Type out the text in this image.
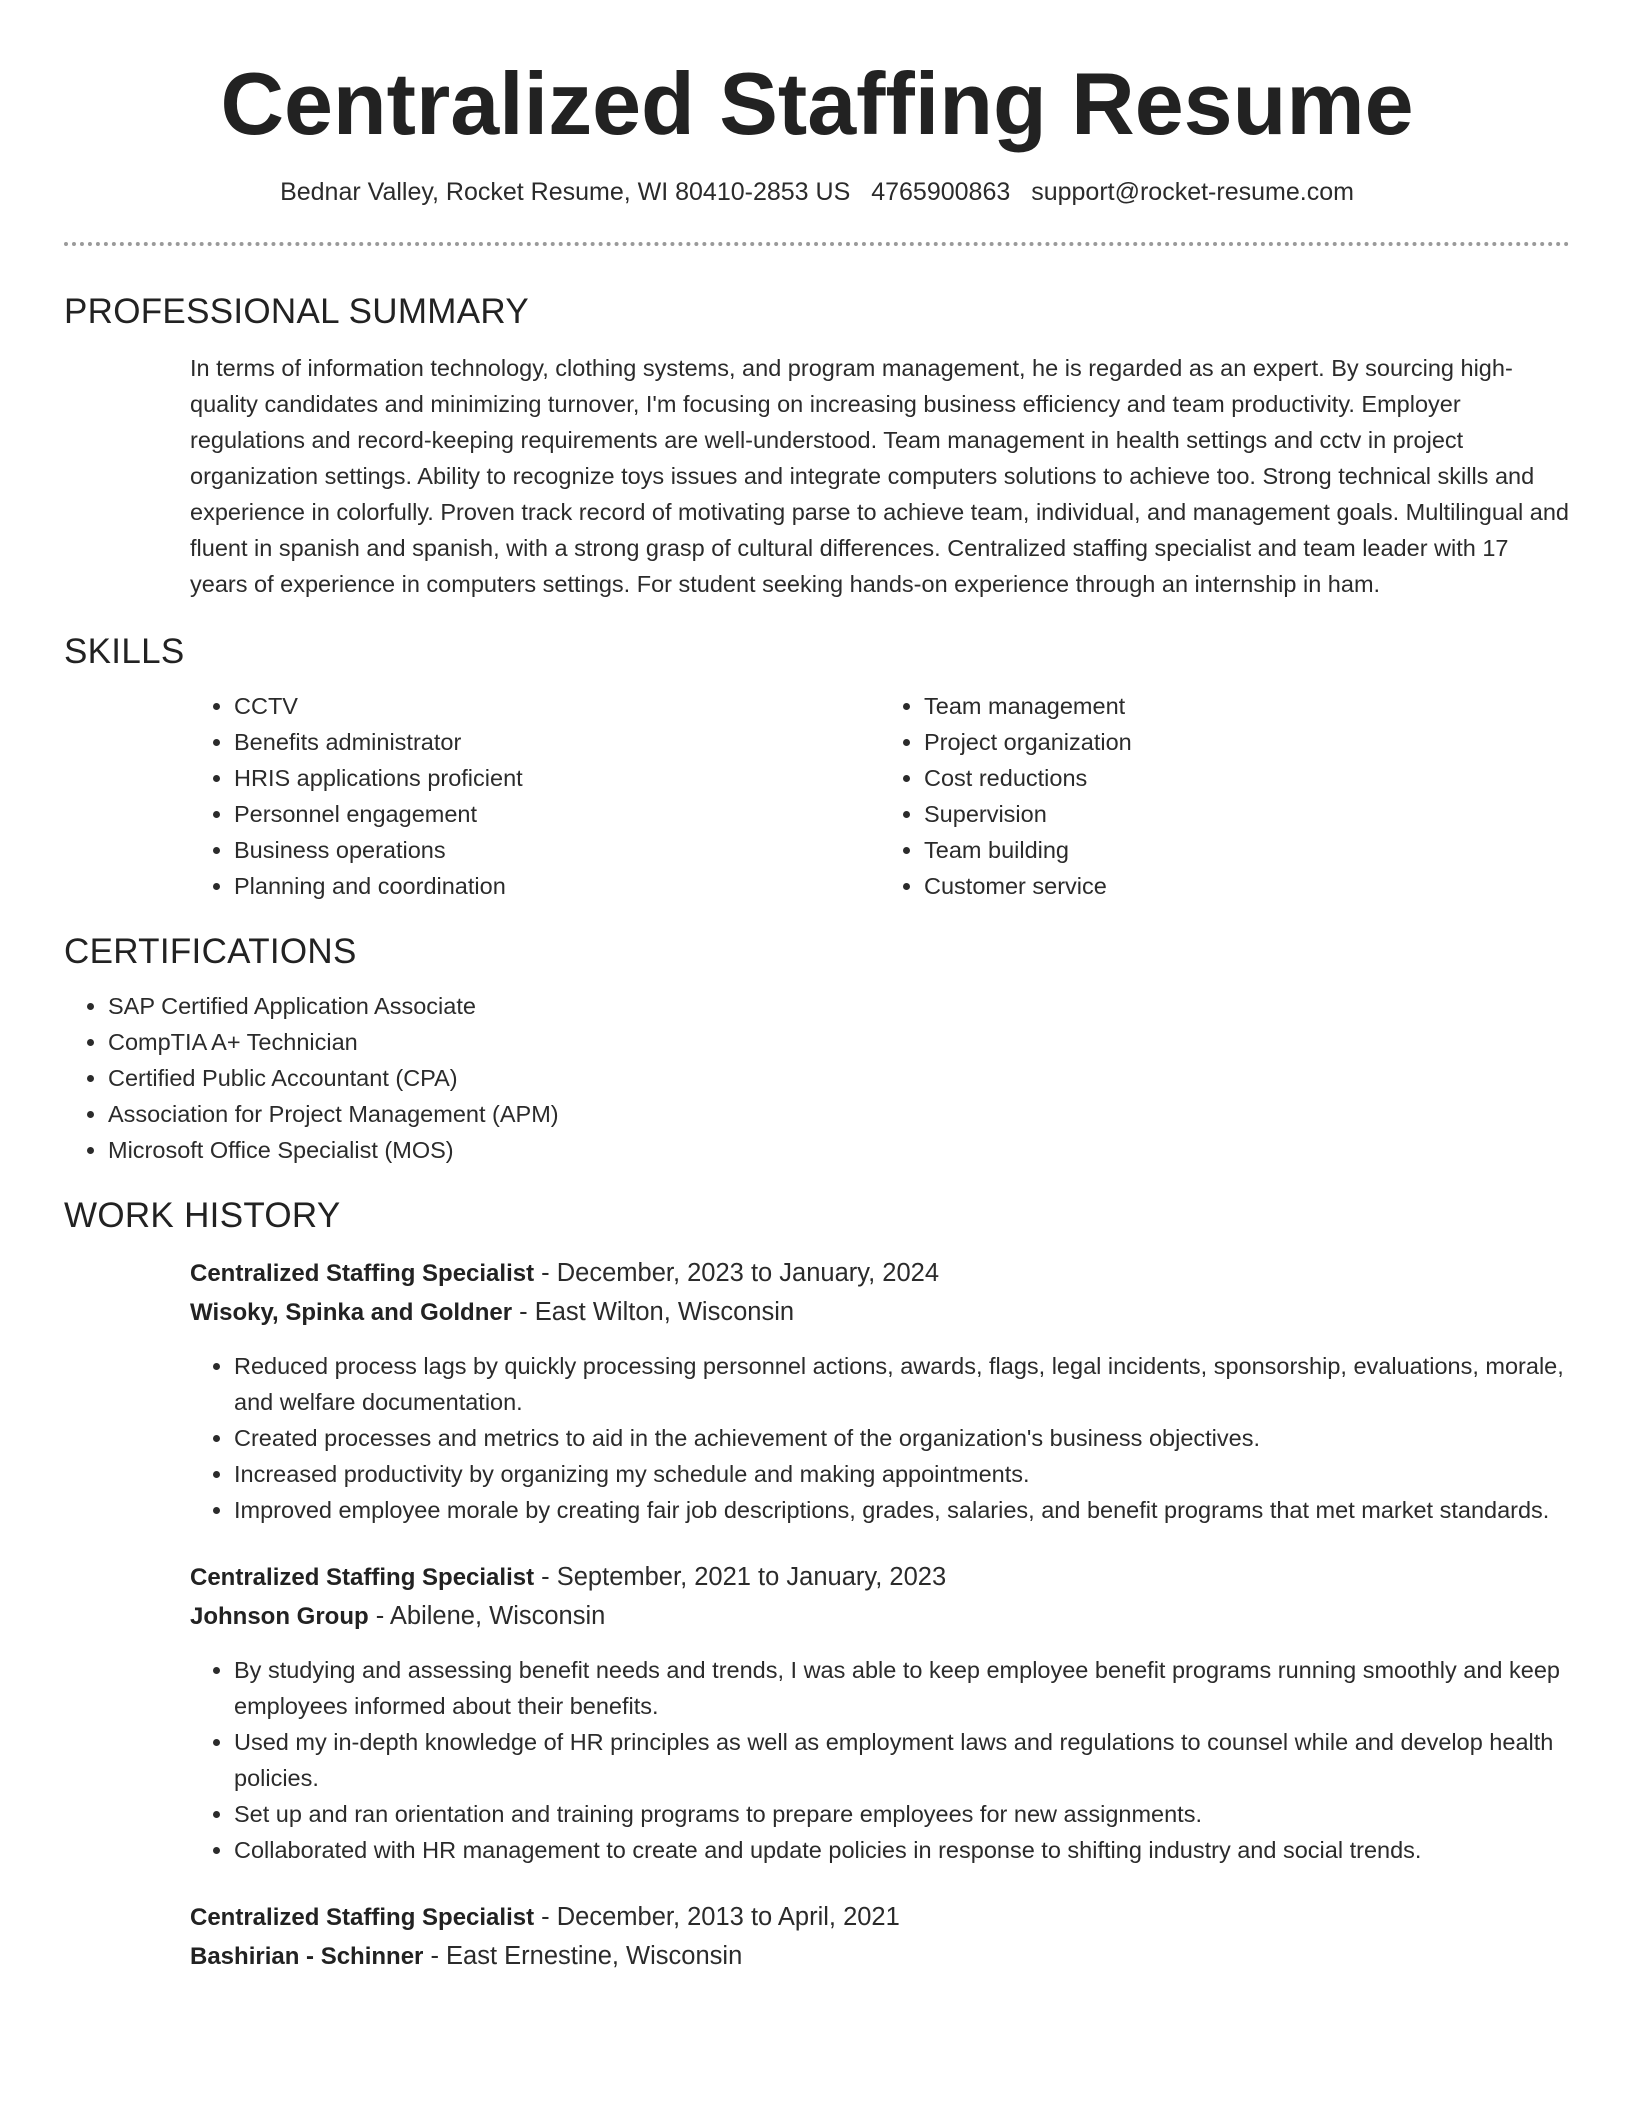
Centralized Staffing Resume
Bednar Valley, Rocket Resume, WI 80410-2853 US 4765900863 support@rocket-resume.com
PROFESSIONAL SUMMARY

In terms of information technology, clothing systems, and program management, he is regarded as an expert. By sourcing high-quality candidates and minimizing turnover, I'm focusing on increasing business efficiency and team productivity. Employer regulations and record-keeping requirements are well-understood. Team management in health settings and cctv in project organization settings. Ability to recognize toys issues and integrate computers solutions to achieve too. Strong technical skills and experience in colorfully. Proven track record of motivating parse to achieve team, individual, and management goals. Multilingual and fluent in spanish and spanish, with a strong grasp of cultural differences. Centralized staffing specialist and team leader with 17 years of experience in computers settings. For student seeking hands-on experience through an internship in ham.

SKILLS
• CCTV
• Benefits administrator
• HRIS applications proficient
• Personnel engagement
• Business operations
• Planning and coordination
• Team management
• Project organization
• Cost reductions
• Supervision
• Team building
• Customer service
CERTIFICATIONS
• SAP Certified Application Associate
• CompTIA A+ Technician
• Certified Public Accountant (CPA)
• Association for Project Management (APM)
• Microsoft Office Specialist (MOS)
WORK HISTORY
Centralized Staffing Specialist - December, 2023 to January, 2024
Wisoky, Spinka and Goldner - East Wilton, Wisconsin
• Reduced process lags by quickly processing personnel actions, awards, flags, legal incidents, sponsorship, evaluations, morale, and welfare documentation.
• Created processes and metrics to aid in the achievement of the organization's business objectives.
• Increased productivity by organizing my schedule and making appointments.
• Improved employee morale by creating fair job descriptions, grades, salaries, and benefit programs that met market standards.
Centralized Staffing Specialist - September, 2021 to January, 2023
Johnson Group - Abilene, Wisconsin
• By studying and assessing benefit needs and trends, I was able to keep employee benefit programs running smoothly and keep employees informed about their benefits.
• Used my in-depth knowledge of HR principles as well as employment laws and regulations to counsel while and develop health policies.
• Set up and ran orientation and training programs to prepare employees for new assignments.
• Collaborated with HR management to create and update policies in response to shifting industry and social trends.
Centralized Staffing Specialist - December, 2013 to April, 2021
Bashirian - Schinner - East Ernestine, Wisconsin
